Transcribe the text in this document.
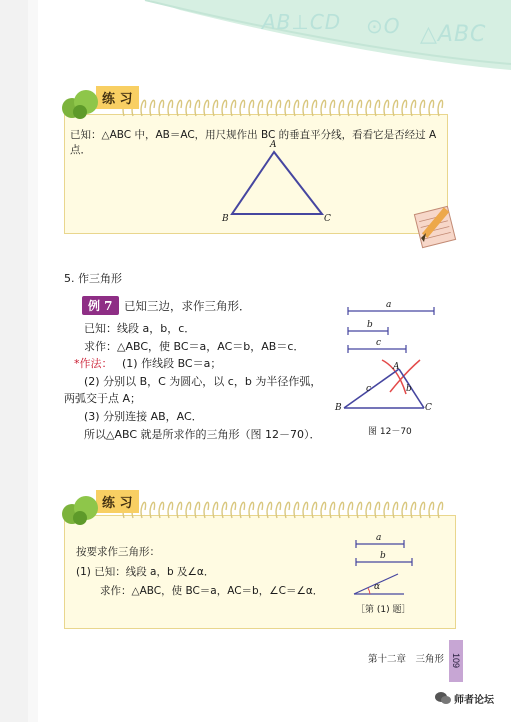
AB⊥CD ⊙O △ABC
练 习
已知：△ABC 中，AB＝AC，用尺规作出 BC 的垂直平分线，看看它是否经过 A 点．	A
B	C
5. 作三角形
例 7 已知三边，求作三角形．
已知：线段 a，b，c．
求作：△ABC，使 BC＝a，AC＝b，AB＝c．
*作法： (1) 作线段 BC＝a；
(2) 分别以 B，C 为圆心，以 c，b 为半径作弧，
两弧交于点 A；
(3) 分别连接 AB，AC．
所以△ABC 就是所求作的三角形（图 12－70）．
a
b
c
A
B	C
c	b
图 12－70
练 习
按要求作三角形：
(1) 已知：线段 a，b 及∠α．
求作：△ABC，使 BC＝a，AC＝b，∠C＝∠α．
a
b
α
［第 (1) 题］
第十二章　三角形 109
师者论坛
